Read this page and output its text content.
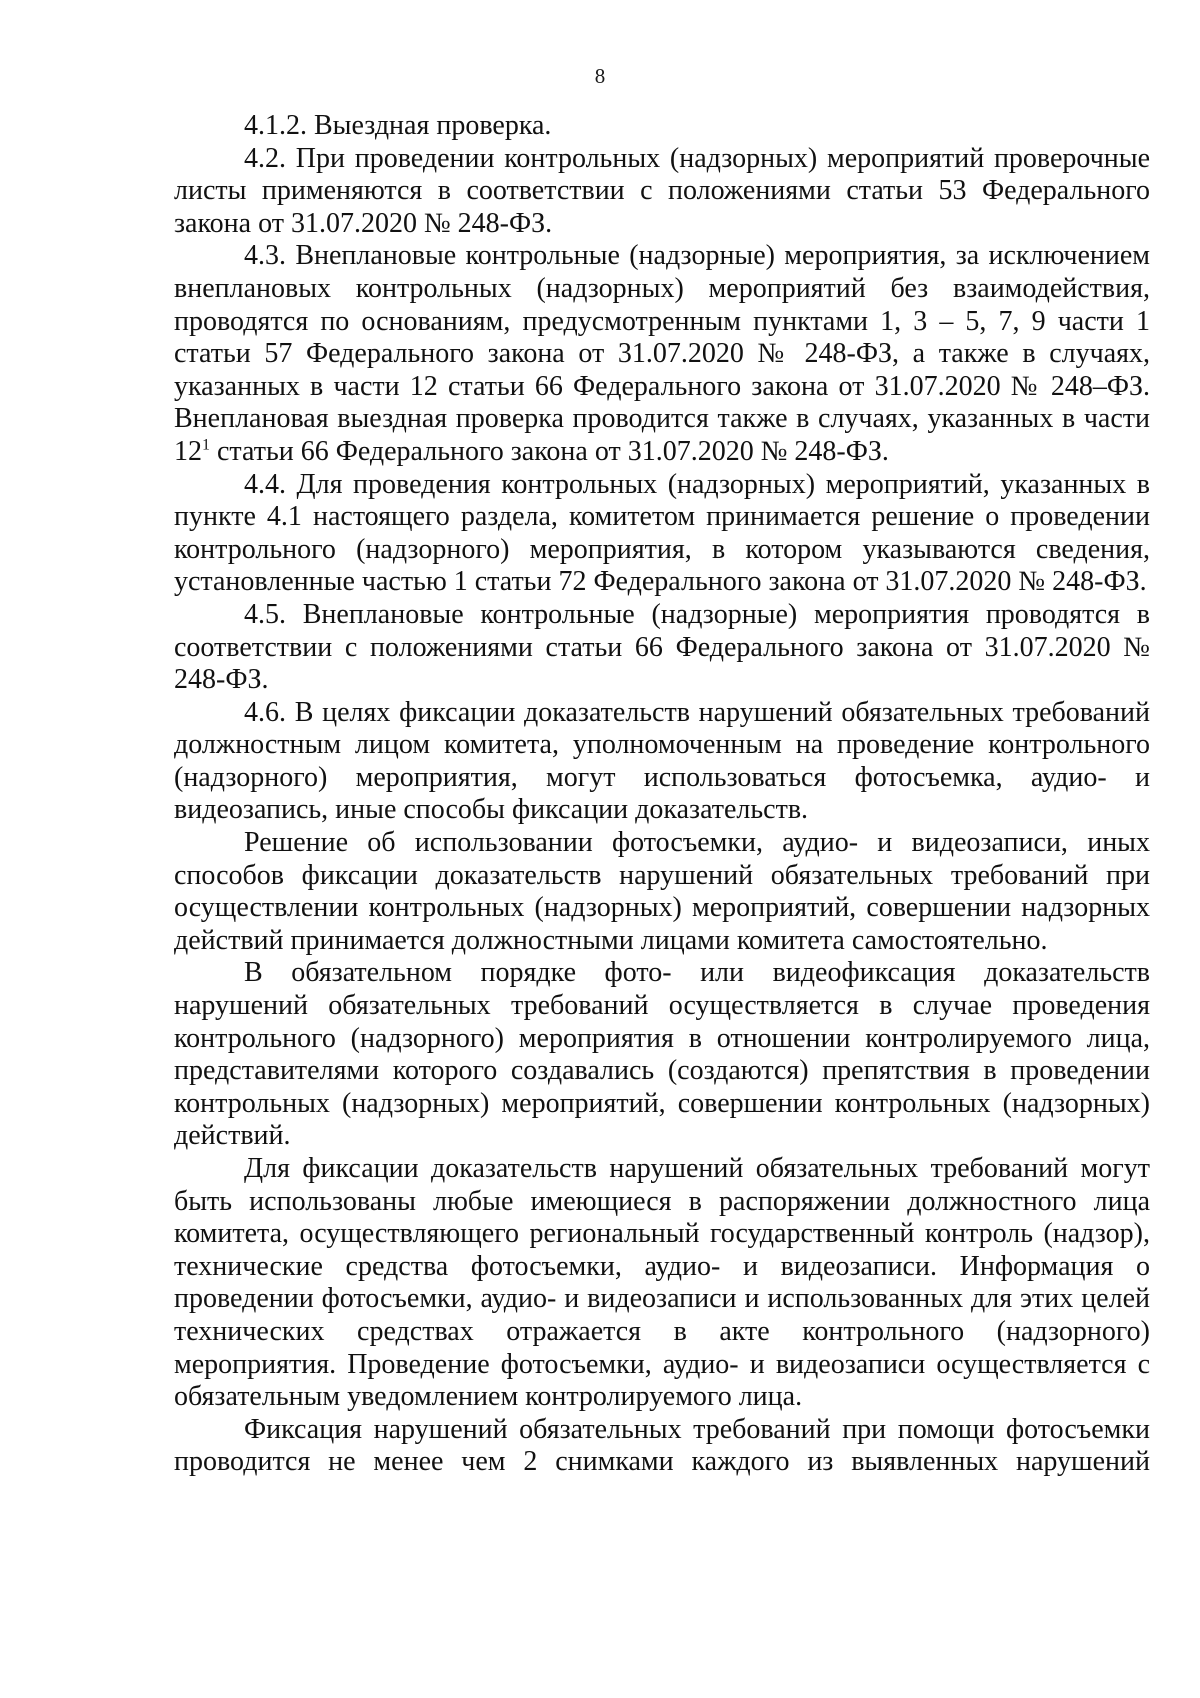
8

4.1.2. Выездная проверка.

4.2. При проведении контрольных (надзорных) мероприятий проверочные листы применяются в соответствии с положениями статьи 53 Федерального закона от 31.07.2020 № 248-ФЗ.

4.3. Внеплановые контрольные (надзорные) мероприятия, за исключением внеплановых контрольных (надзорных) мероприятий без взаимодействия, проводятся по основаниям, предусмотренным пунктами 1, 3 – 5, 7, 9 части 1 статьи 57 Федерального закона от 31.07.2020 № 248-ФЗ, а также в случаях, указанных в части 12 статьи 66 Федерального закона от 31.07.2020 № 248–ФЗ. Внеплановая выездная проверка проводится также в случаях, указанных в части $12^1$ статьи 66 Федерального закона от 31.07.2020 № 248-ФЗ.

4.4. Для проведения контрольных (надзорных) мероприятий, указанных в пункте 4.1 настоящего раздела, комитетом принимается решение о проведении контрольного (надзорного) мероприятия, в котором указываются сведения, установленные частью 1 статьи 72 Федерального закона от 31.07.2020 № 248-ФЗ.

4.5. Внеплановые контрольные (надзорные) мероприятия проводятся в соответствии с положениями статьи 66 Федерального закона от 31.07.2020 № 248-ФЗ.

4.6. В целях фиксации доказательств нарушений обязательных требований должностным лицом комитета, уполномоченным на проведение контрольного (надзорного) мероприятия, могут использоваться фотосъемка, аудио- и видеозапись, иные способы фиксации доказательств.

Решение об использовании фотосъемки, аудио- и видеозаписи, иных способов фиксации доказательств нарушений обязательных требований при осуществлении контрольных (надзорных) мероприятий, совершении надзорных действий принимается должностными лицами комитета самостоятельно.

В обязательном порядке фото- или видеофиксация доказательств нарушений обязательных требований осуществляется в случае проведения контрольного (надзорного) мероприятия в отношении контролируемого лица, представителями которого создавались (создаются) препятствия в проведении контрольных (надзорных) мероприятий, совершении контрольных (надзорных) действий.

Для фиксации доказательств нарушений обязательных требований могут быть использованы любые имеющиеся в распоряжении должностного лица комитета, осуществляющего региональный государственный контроль (надзор), технические средства фотосъемки, аудио- и видеозаписи. Информация о проведении фотосъемки, аудио- и видеозаписи и использованных для этих целей технических средствах отражается в акте контрольного (надзорного) мероприятия. Проведение фотосъемки, аудио- и видеозаписи осуществляется с обязательным уведомлением контролируемого лица.

Фиксация нарушений обязательных требований при помощи фотосъемки проводится не менее чем 2 снимками каждого из выявленных нарушений
